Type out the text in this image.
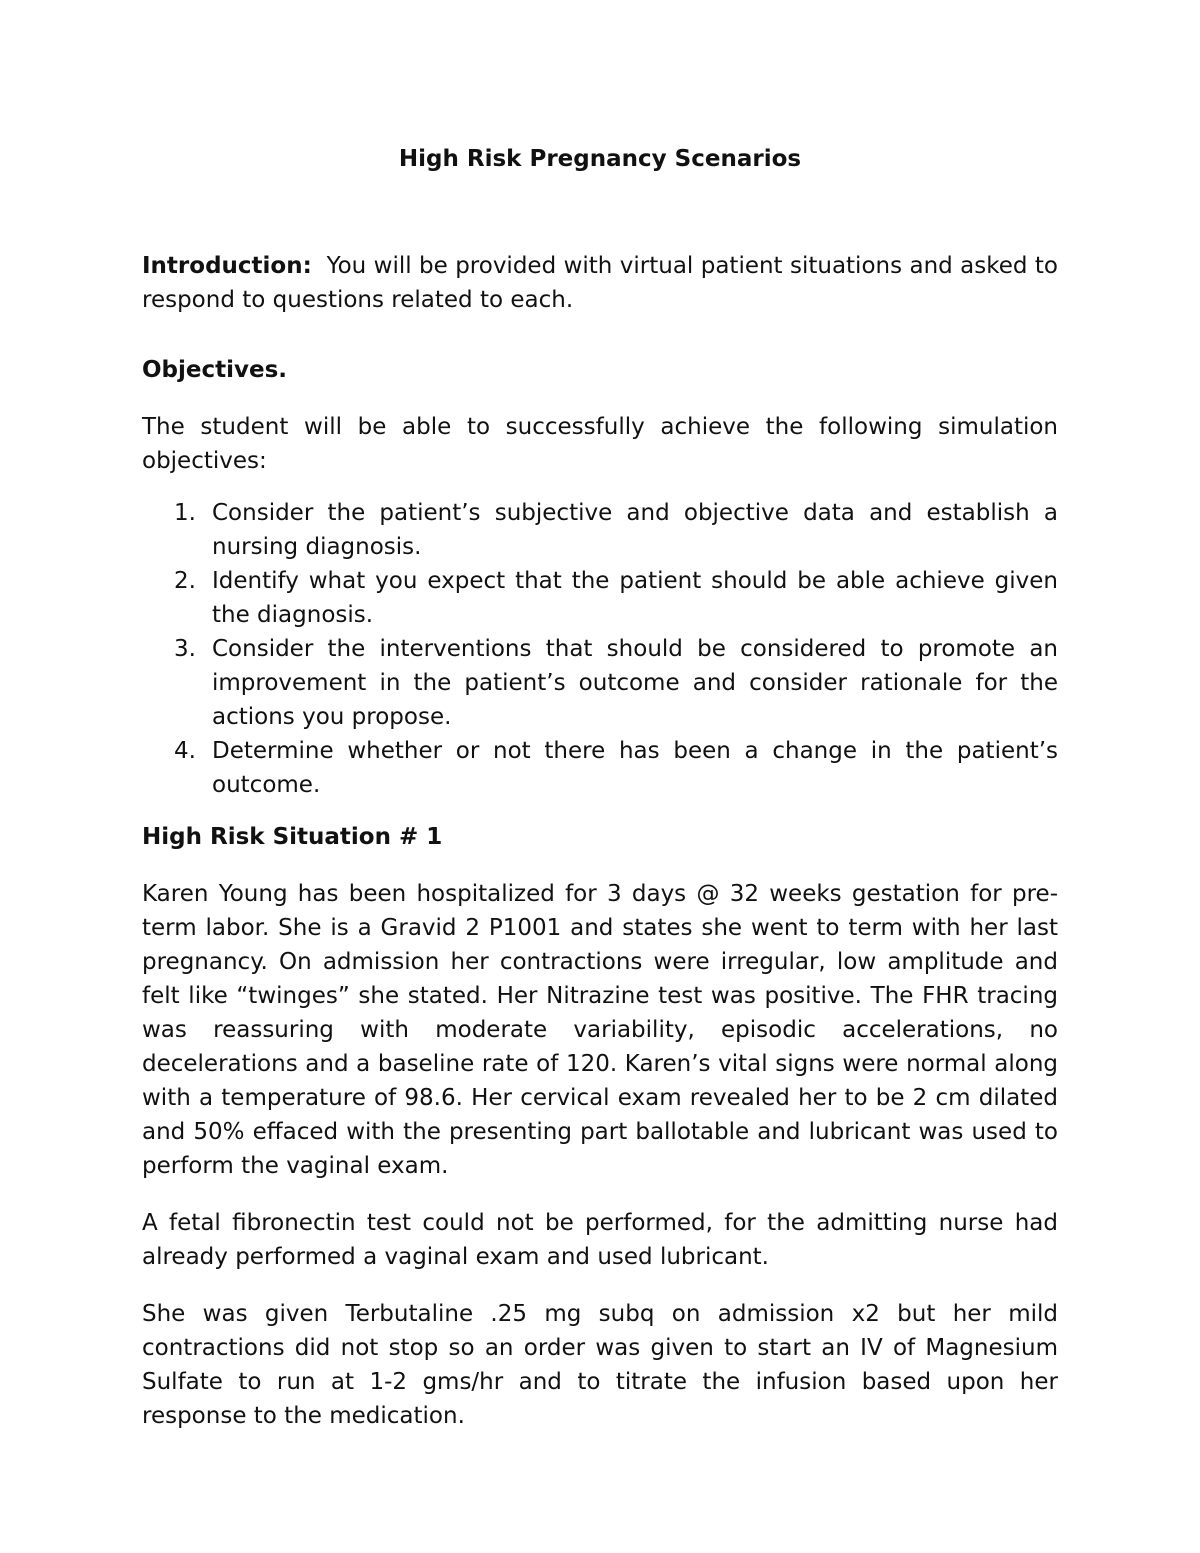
High Risk Pregnancy Scenarios

Introduction: You will be provided with virtual patient situations and asked to respond to questions related to each.

Objectives.

The student will be able to successfully achieve the following simulation objectives:

1. Consider the patient’s subjective and objective data and establish a nursing diagnosis.
2. Identify what you expect that the patient should be able achieve given the diagnosis.
3. Consider the interventions that should be considered to promote an improvement in the patient’s outcome and consider rationale for the actions you propose.
4. Determine whether or not there has been a change in the patient’s outcome.

High Risk Situation # 1

Karen Young has been hospitalized for 3 days @ 32 weeks gestation for pre-term labor. She is a Gravid 2 P1001 and states she went to term with her last pregnancy. On admission her contractions were irregular, low amplitude and felt like “twinges” she stated. Her Nitrazine test was positive. The FHR tracing was reassuring with moderate variability, episodic accelerations, no decelerations and a baseline rate of 120. Karen’s vital signs were normal along with a temperature of 98.6. Her cervical exam revealed her to be 2 cm dilated and 50% effaced with the presenting part ballotable and lubricant was used to perform the vaginal exam.

A fetal fibronectin test could not be performed, for the admitting nurse had already performed a vaginal exam and used lubricant.

She was given Terbutaline .25 mg subq on admission x2 but her mild contractions did not stop so an order was given to start an IV of Magnesium Sulfate to run at 1-2 gms/hr and to titrate the infusion based upon her response to the medication.
